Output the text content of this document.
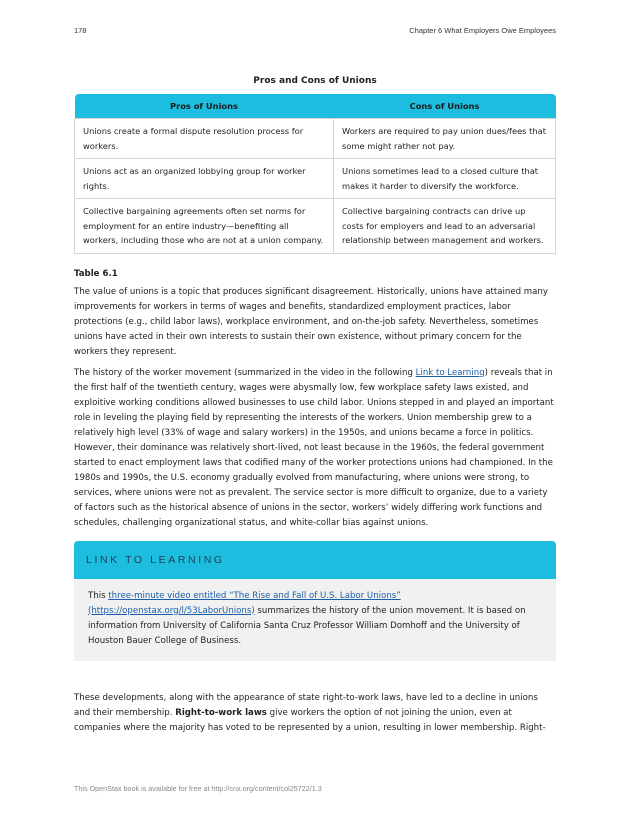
178	Chapter 6 What Employers Owe Employees
Pros and Cons of Unions
Pros of Unions	Cons of Unions
Unions create a formal dispute resolution process for workers.	Workers are required to pay union dues/fees that some might rather not pay.
Unions act as an organized lobbying group for worker rights.	Unions sometimes lead to a closed culture that makes it harder to diversify the workforce.
Collective bargaining agreements often set norms for employment for an entire industry—benefiting all workers, including those who are not at a union company.	Collective bargaining contracts can drive up costs for employers and lead to an adversarial relationship between management and workers.
Table 6.1

The value of unions is a topic that produces significant disagreement. Historically, unions have attained many improvements for workers in terms of wages and benefits, standardized employment practices, labor protections (e.g., child labor laws), workplace environment, and on-the-job safety. Nevertheless, sometimes unions have acted in their own interests to sustain their own existence, without primary concern for the workers they represent.

The history of the worker movement (summarized in the video in the following Link to Learning) reveals that in the first half of the twentieth century, wages were abysmally low, few workplace safety laws existed, and exploitive working conditions allowed businesses to use child labor. Unions stepped in and played an important role in leveling the playing field by representing the interests of the workers. Union membership grew to a relatively high level (33% of wage and salary workers) in the 1950s, and unions became a force in politics. However, their dominance was relatively short-lived, not least because in the 1960s, the federal government started to enact employment laws that codified many of the worker protections unions had championed. In the 1980s and 1990s, the U.S. economy gradually evolved from manufacturing, where unions were strong, to services, where unions were not as prevalent. The service sector is more difficult to organize, due to a variety of factors such as the historical absence of unions in the sector, workers’ widely differing work functions and schedules, challenging organizational status, and white-collar bias against unions.

LINK TO LEARNING

This three-minute video entitled “The Rise and Fall of U.S. Labor Unions” (https://openstax.org/l/53LaborUnions) summarizes the history of the union movement. It is based on information from University of California Santa Cruz Professor William Domhoff and the University of Houston Bauer College of Business.

These developments, along with the appearance of state right-to-work laws, have led to a decline in unions and their membership. Right-to-work laws give workers the option of not joining the union, even at companies where the majority has voted to be represented by a union, resulting in lower membership. Right-

This OpenStax book is available for free at http://cnx.org/content/col25722/1.3
